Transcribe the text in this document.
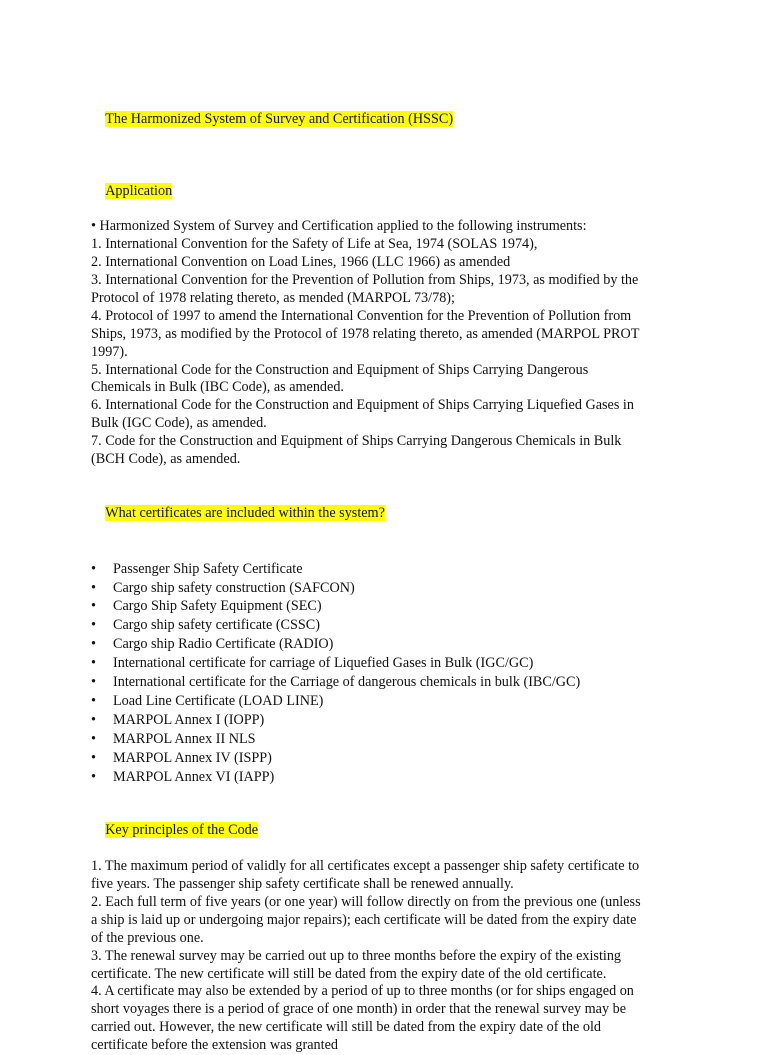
The Harmonized System of Survey and Certification (HSSC)

Application

• Harmonized System of Survey and Certification applied to the following instruments:

1. International Convention for the Safety of Life at Sea, 1974 (SOLAS 1974),

2. International Convention on Load Lines, 1966 (LLC 1966) as amended

3. International Convention for the Prevention of Pollution from Ships, 1973, as modified by the

Protocol of 1978 relating thereto, as mended (MARPOL 73/78);

4. Protocol of 1997 to amend the International Convention for the Prevention of Pollution from

Ships, 1973, as modified by the Protocol of 1978 relating thereto, as amended (MARPOL PROT

1997).

5. International Code for the Construction and Equipment of Ships Carrying Dangerous

Chemicals in Bulk (IBC Code), as amended.

6. International Code for the Construction and Equipment of Ships Carrying Liquefied Gases in

Bulk (IGC Code), as amended.

7. Code for the Construction and Equipment of Ships Carrying Dangerous Chemicals in Bulk

(BCH Code), as amended.

What certificates are included within the system?

•	Passenger Ship Safety Certificate
•	Cargo ship safety construction (SAFCON)
•	Cargo Ship Safety Equipment (SEC)
•	Cargo ship safety certificate (CSSC)
•	Cargo ship Radio Certificate (RADIO)
•	International certificate for carriage of Liquefied Gases in Bulk (IGC/GC)
•	International certificate for the Carriage of dangerous chemicals in bulk (IBC/GC)
•	Load Line Certificate (LOAD LINE)
•	MARPOL Annex I (IOPP)
•	MARPOL Annex II NLS
•	MARPOL Annex IV (ISPP)
•	MARPOL Annex VI (IAPP)

Key principles of the Code

1. The maximum period of validly for all certificates except a passenger ship safety certificate to

five years. The passenger ship safety certificate shall be renewed annually.

2. Each full term of five years (or one year) will follow directly on from the previous one (unless

a ship is laid up or undergoing major repairs); each certificate will be dated from the expiry date

of the previous one.

3. The renewal survey may be carried out up to three months before the expiry of the existing

certificate. The new certificate will still be dated from the expiry date of the old certificate.

4. A certificate may also be extended by a period of up to three months (or for ships engaged on

short voyages there is a period of grace of one month) in order that the renewal survey may be

carried out. However, the new certificate will still be dated from the expiry date of the old

certificate before the extension was granted
